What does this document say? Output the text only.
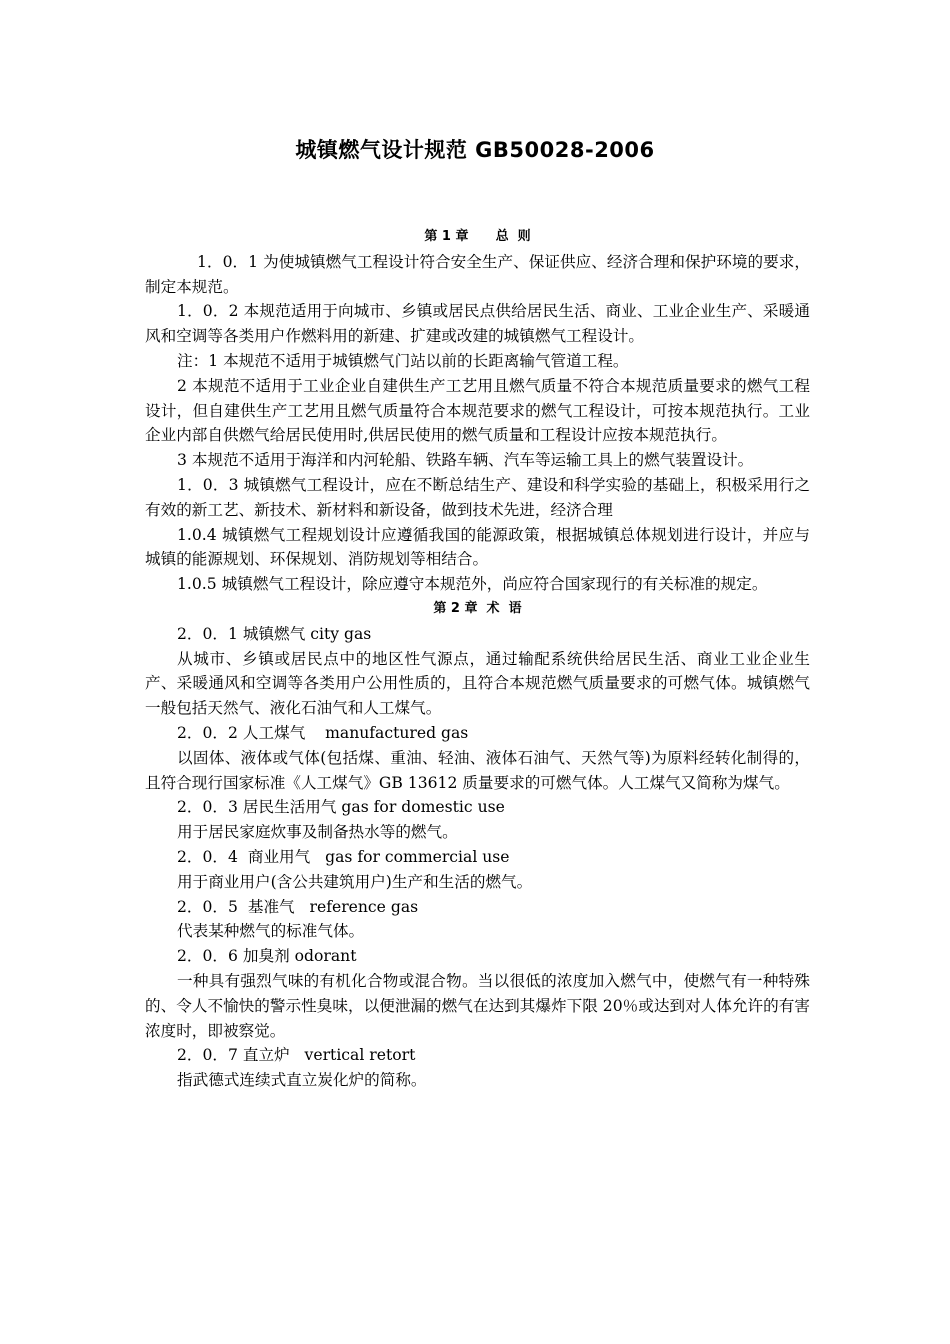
城镇燃气设计规范 GB50028-2006
第 1 章      总  则

1．0．1 为使城镇燃气工程设计符合安全生产、保证供应、经济合理和保护环境的要求，制定本规范。

1．0．2 本规范适用于向城市、乡镇或居民点供给居民生活、商业、工业企业生产、采暖通风和空调等各类用户作燃料用的新建、扩建或改建的城镇燃气工程设计。

注：1 本规范不适用于城镇燃气门站以前的长距离输气管道工程。

2 本规范不适用于工业企业自建供生产工艺用且燃气质量不符合本规范质量要求的燃气工程设计，但自建供生产工艺用且燃气质量符合本规范要求的燃气工程设计，可按本规范执行。工业企业内部自供燃气给居民使用时,供居民使用的燃气质量和工程设计应按本规范执行。

3 本规范不适用于海洋和内河轮船、铁路车辆、汽车等运输工具上的燃气装置设计。

1．0．3 城镇燃气工程设计，应在不断总结生产、建设和科学实验的基础上，积极采用行之有效的新工艺、新技术、新材料和新设备，做到技术先进，经济合理

1.0.4 城镇燃气工程规划设计应遵循我国的能源政策，根据城镇总体规划进行设计，并应与城镇的能源规划、环保规划、消防规划等相结合。

1.0.5 城镇燃气工程设计，除应遵守本规范外，尚应符合国家现行的有关标准的规定。

第 2 章  术  语

2．0．1 城镇燃气 city gas

从城市、乡镇或居民点中的地区性气源点，通过输配系统供给居民生活、商业工业企业生产、采暖通风和空调等各类用户公用性质的，且符合本规范燃气质量要求的可燃气体。城镇燃气一般包括天然气、液化石油气和人工煤气。

2．0．2 人工煤气    manufactured gas

以固体、液体或气体(包括煤、重油、轻油、液体石油气、天然气等)为原料经转化制得的，且符合现行国家标准《人工煤气》GB 13612 质量要求的可燃气体。人工煤气又简称为煤气。

2．0．3 居民生活用气 gas for domestic use

用于居民家庭炊事及制备热水等的燃气。

2．0．4  商业用气   gas for commercial use

用于商业用户(含公共建筑用户)生产和生活的燃气。

2．0．5  基准气   reference gas

代表某种燃气的标准气体。

2．0．6 加臭剂 odorant

一种具有强烈气味的有机化合物或混合物。当以很低的浓度加入燃气中，使燃气有一种特殊的、令人不愉快的警示性臭味，以便泄漏的燃气在达到其爆炸下限 20％或达到对人体允许的有害浓度时，即被察觉。

2．0．7 直立炉   vertical retort

指武德式连续式直立炭化炉的简称。
